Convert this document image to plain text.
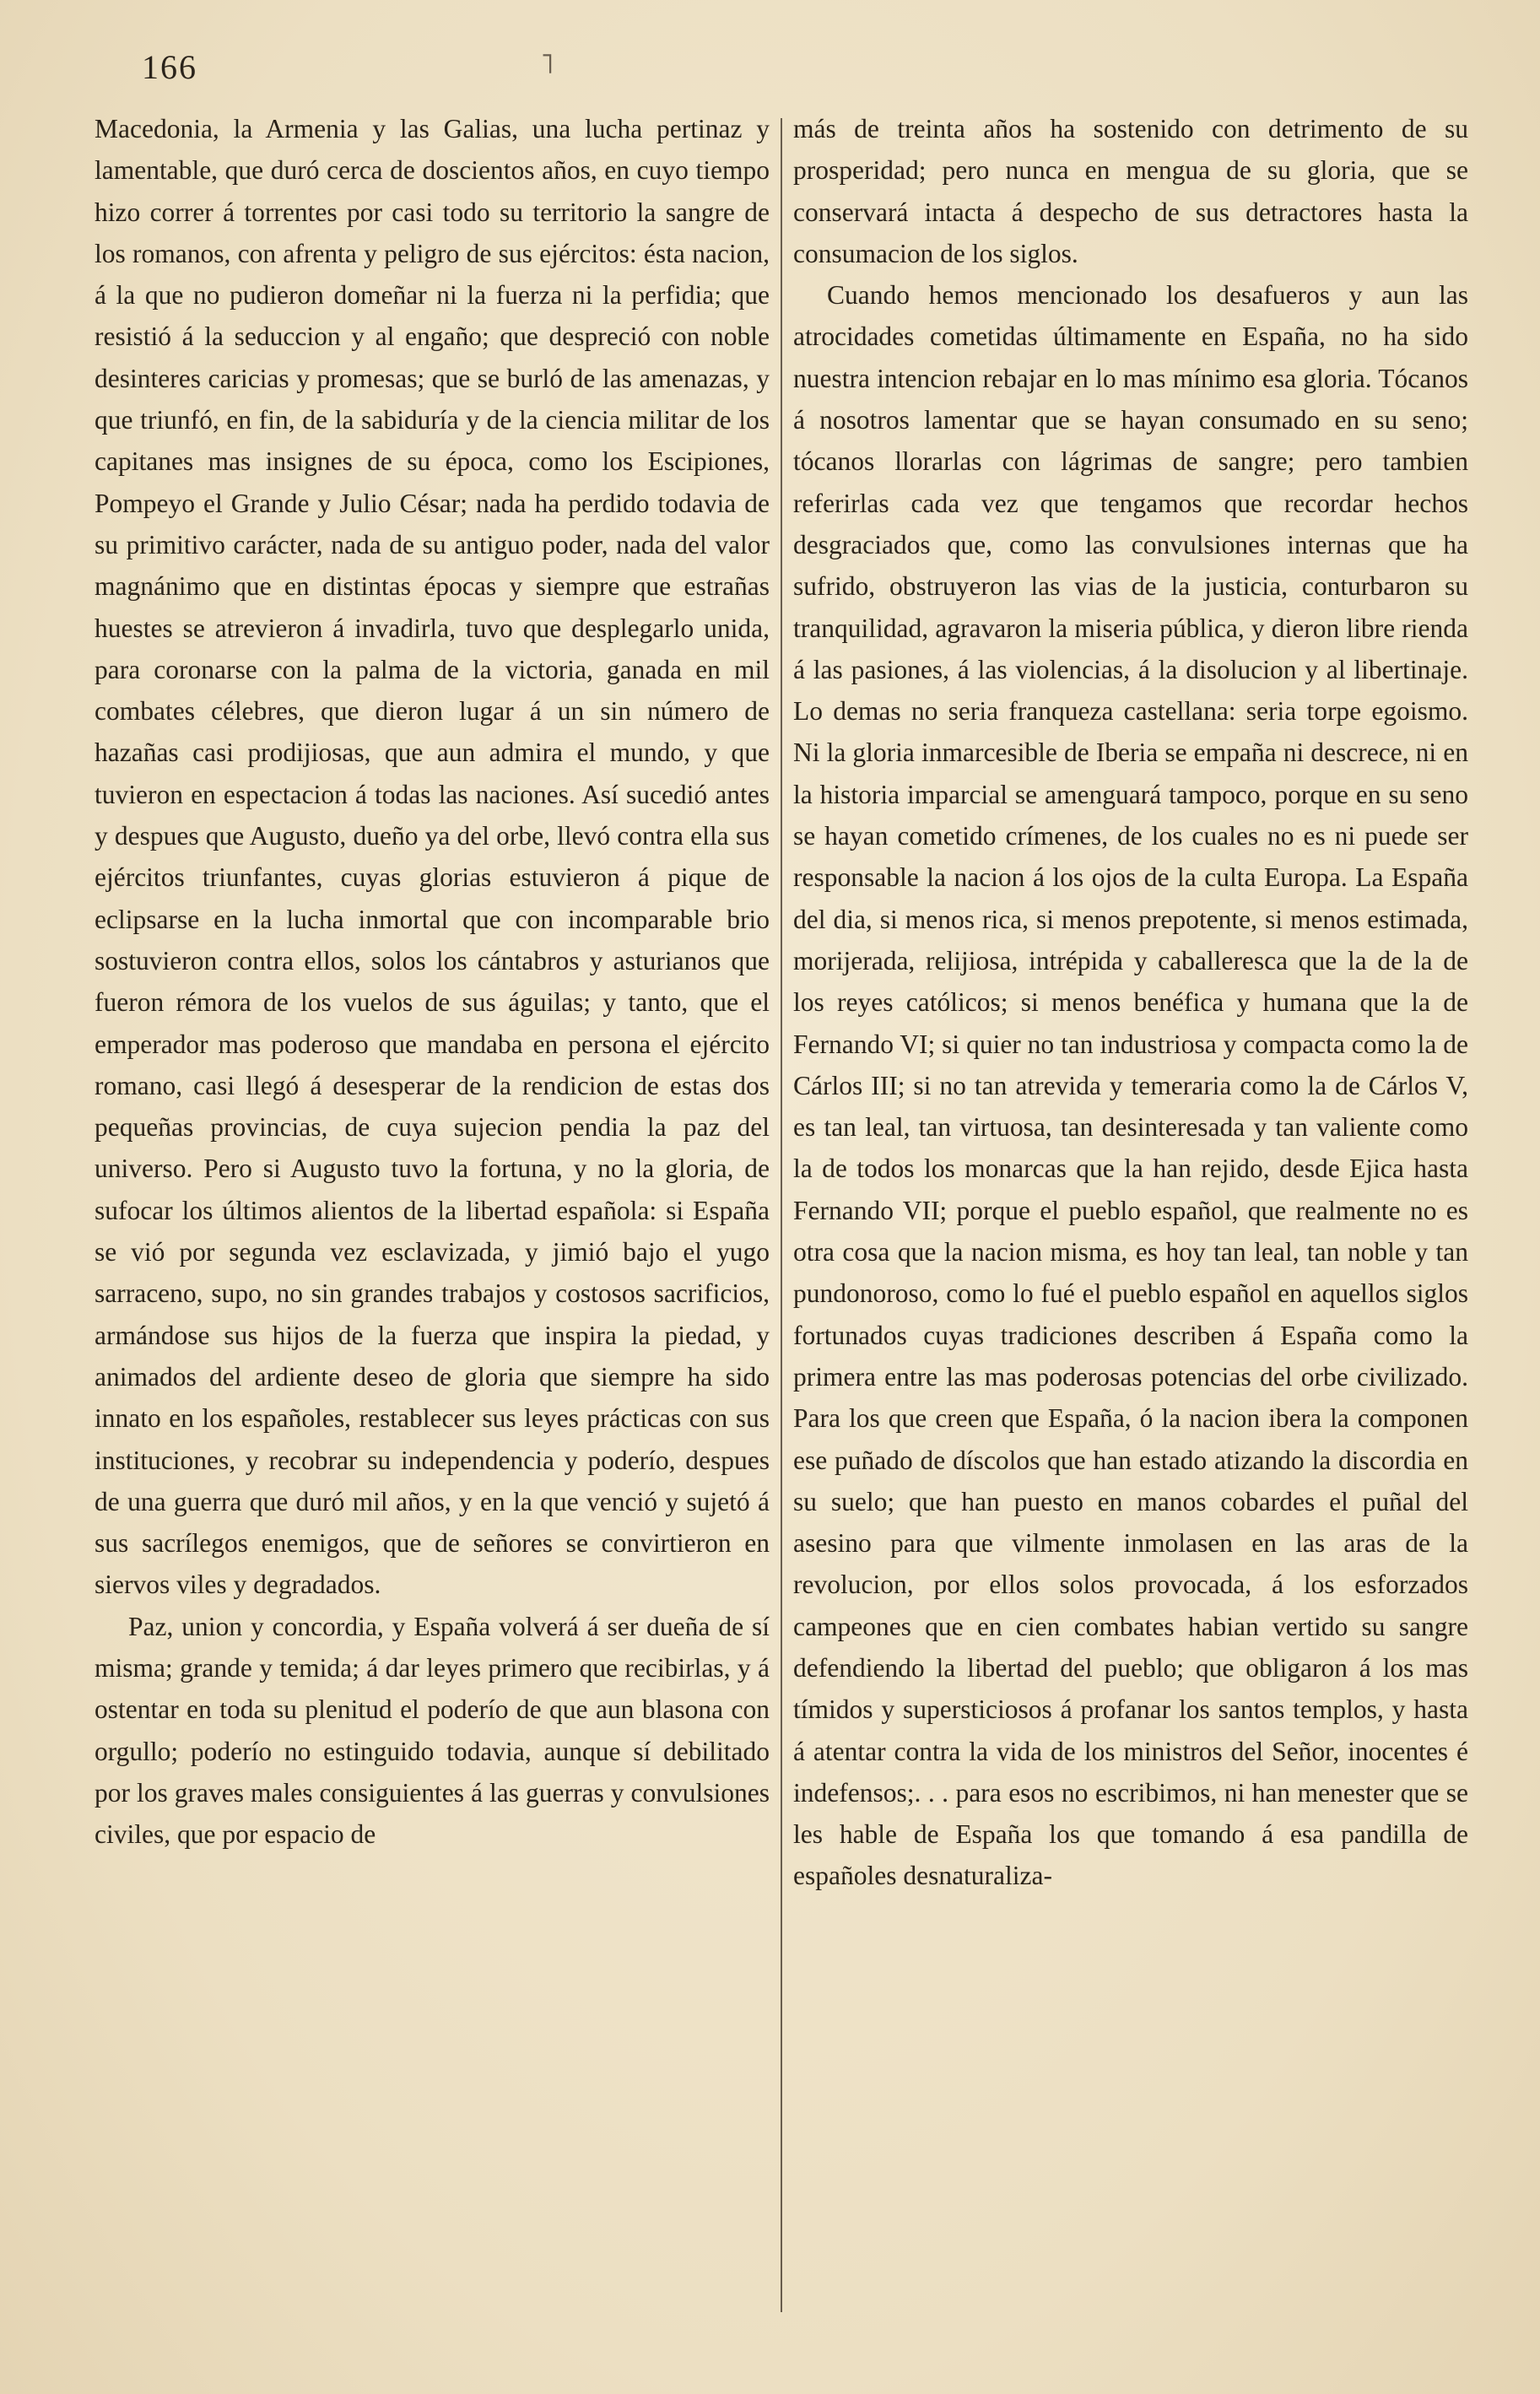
166	˥

Macedonia, la Armenia y las Galias, una lucha pertinaz y lamentable, que duró cerca de doscientos años, en cuyo tiempo hizo correr á torrentes por casi todo su territorio la sangre de los romanos, con afrenta y peligro de sus ejércitos: ésta nacion, á la que no pudieron domeñar ni la fuerza ni la perfidia; que resistió á la seduccion y al engaño; que despreció con noble desinteres caricias y promesas; que se burló de las amenazas, y que triunfó, en fin, de la sabiduría y de la ciencia militar de los capitanes mas insignes de su época, como los Escipiones, Pompeyo el Grande y Julio César; nada ha perdido todavia de su primitivo carácter, nada de su antiguo poder, nada del valor magnánimo que en distintas épocas y siempre que estrañas huestes se atrevieron á invadirla, tuvo que desplegarlo unida, para coronarse con la palma de la victoria, ganada en mil combates célebres, que dieron lugar á un sin número de hazañas casi prodijiosas, que aun admira el mundo, y que tuvieron en espectacion á todas las naciones. Así sucedió antes y despues que Augusto, dueño ya del orbe, llevó contra ella sus ejércitos triunfantes, cuyas glorias estuvieron á pique de eclipsarse en la lucha inmortal que con incomparable brio sostuvieron contra ellos, solos los cántabros y asturianos que fueron rémora de los vuelos de sus águilas; y tanto, que el emperador mas poderoso que mandaba en persona el ejército romano, casi llegó á desesperar de la rendicion de estas dos pequeñas provincias, de cuya sujecion pendia la paz del universo. Pero si Augusto tuvo la fortuna, y no la gloria, de sufocar los últimos alientos de la libertad española: si España se vió por segunda vez esclavizada, y jimió bajo el yugo sarraceno, supo, no sin grandes trabajos y costosos sacrificios, armándose sus hijos de la fuerza que inspira la piedad, y animados del ardiente deseo de gloria que siempre ha sido innato en los españoles, restablecer sus leyes prácticas con sus instituciones, y recobrar su independencia y poderío, despues de una guerra que duró mil años, y en la que venció y sujetó á sus sacrílegos enemigos, que de señores se convirtieron en siervos viles y degradados.

Paz, union y concordia, y España volverá á ser dueña de sí misma; grande y temida; á dar leyes primero que recibirlas, y á ostentar en toda su plenitud el poderío de que aun blasona con orgullo; poderío no estinguido todavia, aunque sí debilitado por los graves males consiguientes á las guerras y convulsiones civiles, que por espacio de

más de treinta años ha sostenido con detrimento de su prosperidad; pero nunca en mengua de su gloria, que se conservará intacta á despecho de sus detractores hasta la consumacion de los siglos.

Cuando hemos mencionado los desafueros y aun las atrocidades cometidas últimamente en España, no ha sido nuestra intencion rebajar en lo mas mínimo esa gloria. Tócanos á nosotros lamentar que se hayan consumado en su seno; tócanos llorarlas con lágrimas de sangre; pero tambien referirlas cada vez que tengamos que recordar hechos desgraciados que, como las convulsiones internas que ha sufrido, obstruyeron las vias de la justicia, conturbaron su tranquilidad, agravaron la miseria pública, y dieron libre rienda á las pasiones, á las violencias, á la disolucion y al libertinaje. Lo demas no seria franqueza castellana: seria torpe egoismo. Ni la gloria inmarcesible de Iberia se empaña ni descrece, ni en la historia imparcial se amenguará tampoco, porque en su seno se hayan cometido crímenes, de los cuales no es ni puede ser responsable la nacion á los ojos de la culta Europa. La España del dia, si menos rica, si menos prepotente, si menos estimada, morijerada, relijiosa, intrépida y caballeresca que la de la de los reyes católicos; si menos benéfica y humana que la de Fernando VI; si quier no tan industriosa y compacta como la de Cárlos III; si no tan atrevida y temeraria como la de Cárlos V, es tan leal, tan virtuosa, tan desinteresada y tan valiente como la de todos los monarcas que la han rejido, desde Ejica hasta Fernando VII; porque el pueblo español, que realmente no es otra cosa que la nacion misma, es hoy tan leal, tan noble y tan pundonoroso, como lo fué el pueblo español en aquellos siglos fortunados cuyas tradiciones describen á España como la primera entre las mas poderosas potencias del orbe civilizado. Para los que creen que España, ó la nacion ibera la componen ese puñado de díscolos que han estado atizando la discordia en su suelo; que han puesto en manos cobardes el puñal del asesino para que vilmente inmolasen en las aras de la revolucion, por ellos solos provocada, á los esforzados campeones que en cien combates habian vertido su sangre defendiendo la libertad del pueblo; que obligaron á los mas tímidos y supersticiosos á profanar los santos templos, y hasta á atentar contra la vida de los ministros del Señor, inocentes é indefensos;. . . para esos no escribimos, ni han menester que se les hable de España los que tomando á esa pandilla de españoles desnaturaliza-
